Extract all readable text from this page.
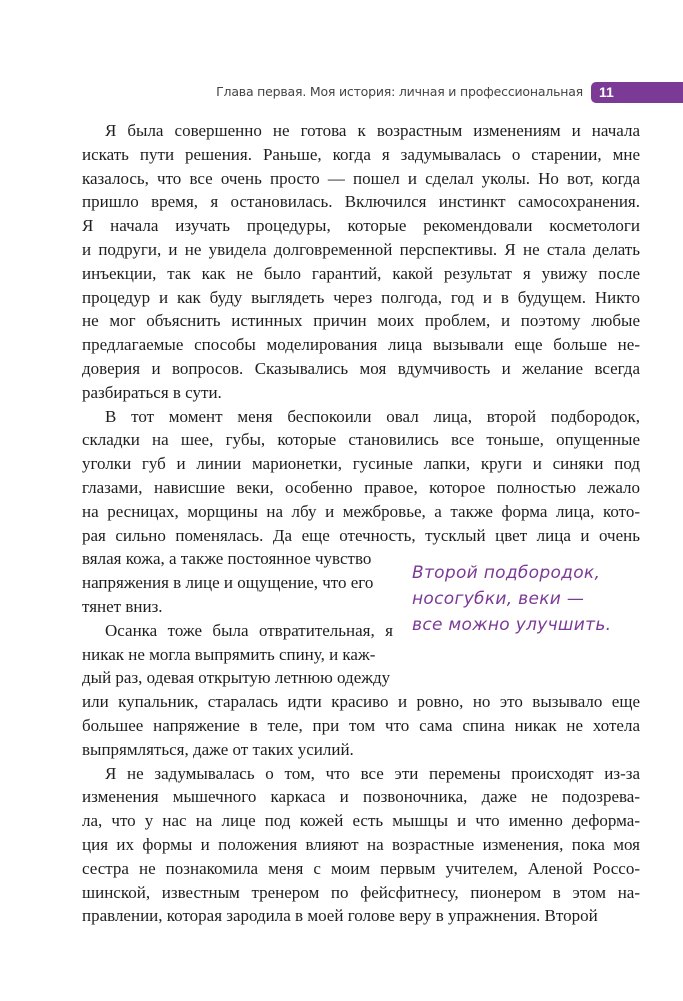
Глава первая. Моя история: личная и профессиональная 11
Я была совершенно не готова к возрастным изменениям и начала
искать пути решения. Раньше, когда я задумывалась о старении, мне
казалось, что все очень просто — пошел и сделал уколы. Но вот, когда
пришло время, я остановилась. Включился инстинкт самосохранения.
Я начала изучать процедуры, которые рекомендовали косметологи
и подруги, и не увидела долговременной перспективы. Я не стала делать
инъекции, так как не было гарантий, какой результат я увижу после
процедур и как буду выглядеть через полгода, год и в будущем. Никто
не мог объяснить истинных причин моих проблем, и поэтому любые
предлагаемые способы моделирования лица вызывали еще больше не-
доверия и вопросов. Сказывались моя вдумчивость и желание всегда
разбираться в сути.
В тот момент меня беспокоили овал лица, второй подбородок,
складки на шее, губы, которые становились все тоньше, опущенные
уголки губ и линии марионетки, гусиные лапки, круги и синяки под
глазами, нависшие веки, особенно правое, которое полностью лежало
на ресницах, морщины на лбу и межбровье, а также форма лица, кото-
рая сильно поменялась. Да еще отечность, тусклый цвет лица и очень
вялая кожа, а также постоянное чувство
напряжения в лице и ощущение, что его
тянет вниз.
Осанка тоже была отвратительная, я
никак не могла выпрямить спину, и каж-
дый раз, одевая открытую летнюю одежду
или купальник, старалась идти красиво и ровно, но это вызывало еще
большее напряжение в теле, при том что сама спина никак не хотела
выпрямляться, даже от таких усилий.
Я не задумывалась о том, что все эти перемены происходят из-за
изменения мышечного каркаса и позвоночника, даже не подозрева-
ла, что у нас на лице под кожей есть мышцы и что именно деформа-
ция их формы и положения влияют на возрастные изменения, пока моя
сестра не познакомила меня с моим первым учителем, Аленой Россо-
шинской, известным тренером по фейсфитнесу, пионером в этом на-
правлении, которая зародила в моей голове веру в упражнения. Второй
Второй подбородок,
носогубки, веки —
все можно улучшить.
